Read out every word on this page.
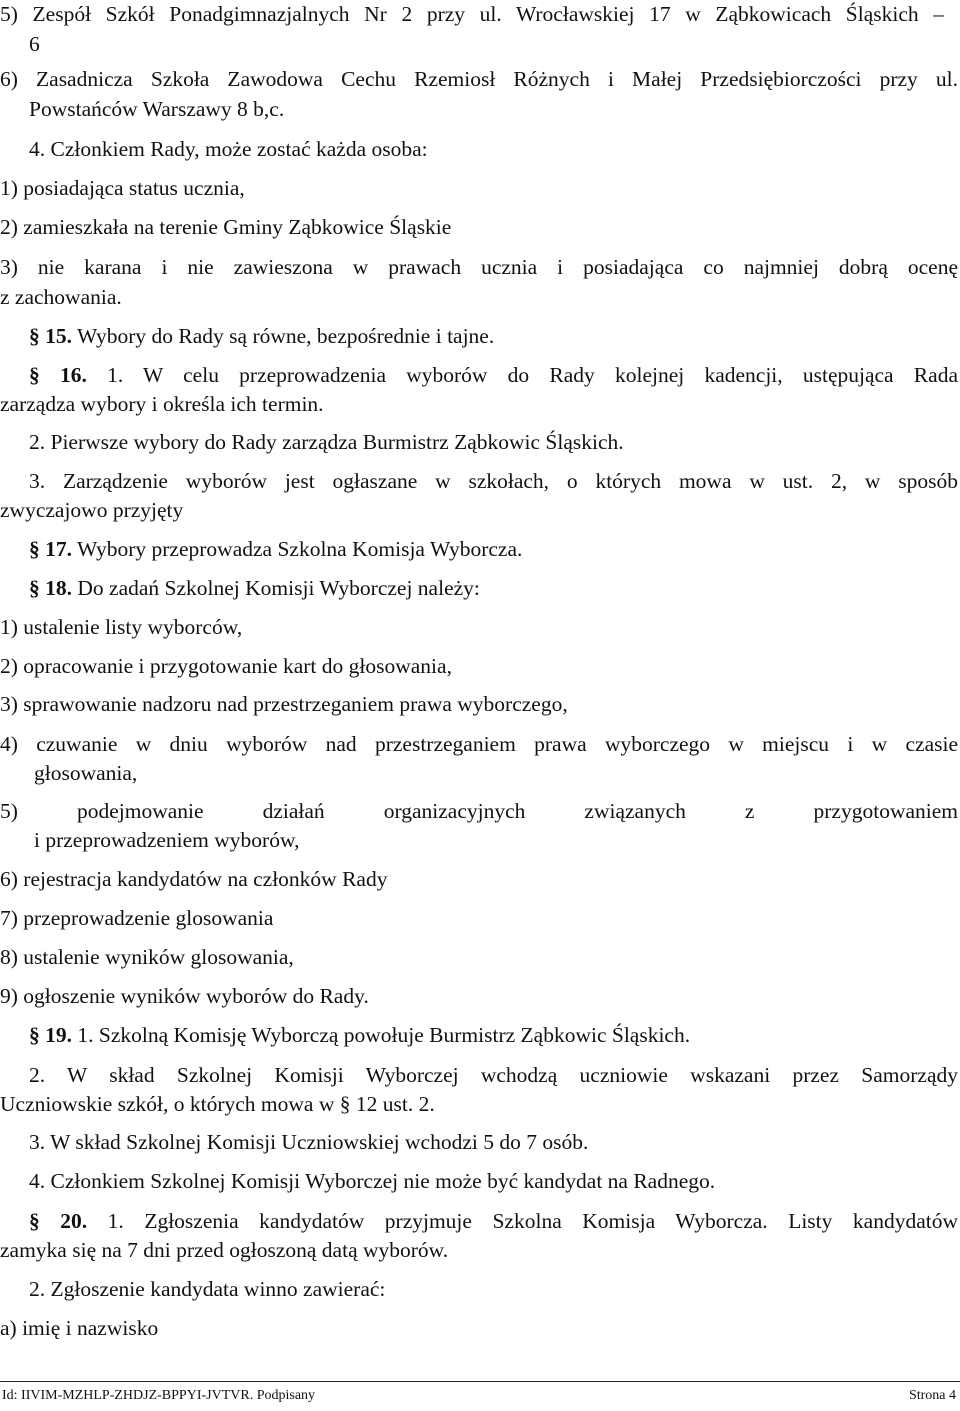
5) Zespół Szkół Ponadgimnazjalnych Nr 2 przy ul. Wrocławskiej 17 w Ząbkowicach Śląskich –
6
6) Zasadnicza Szkoła Zawodowa Cechu Rzemiosł Różnych i Małej Przedsiębiorczości przy ul.
Powstańców Warszawy 8 b,c.
4. Członkiem Rady, może zostać każda osoba:
1) posiadająca status ucznia,
2) zamieszkała na terenie Gminy Ząbkowice Śląskie
3) nie karana i nie zawieszona w prawach ucznia i posiadająca co najmniej dobrą ocenę
z zachowania.
§ 15. Wybory do Rady są równe, bezpośrednie i tajne.
§ 16. 1. W celu przeprowadzenia wyborów do Rady kolejnej kadencji, ustępująca Rada
zarządza wybory i określa ich termin.
2. Pierwsze wybory do Rady zarządza Burmistrz Ząbkowic Śląskich.
3. Zarządzenie wyborów jest ogłaszane w szkołach, o których mowa w ust. 2, w sposób
zwyczajowo przyjęty
§ 17. Wybory przeprowadza Szkolna Komisja Wyborcza.
§ 18. Do zadań Szkolnej Komisji Wyborczej należy:
1) ustalenie listy wyborców,
2) opracowanie i przygotowanie kart do głosowania,
3) sprawowanie nadzoru nad przestrzeganiem prawa wyborczego,
4) czuwanie w dniu wyborów nad przestrzeganiem prawa wyborczego w miejscu i w czasie
głosowania,
5) podejmowanie działań organizacyjnych związanych z przygotowaniem
i przeprowadzeniem wyborów,
6) rejestracja kandydatów na członków Rady
7) przeprowadzenie glosowania
8) ustalenie wyników glosowania,
9) ogłoszenie wyników wyborów do Rady.
§ 19. 1. Szkolną Komisję Wyborczą powołuje Burmistrz Ząbkowic Śląskich.
2. W skład Szkolnej Komisji Wyborczej wchodzą uczniowie wskazani przez Samorządy
Uczniowskie szkół, o których mowa w § 12 ust. 2.
3. W skład Szkolnej Komisji Uczniowskiej wchodzi 5 do 7 osób.
4. Członkiem Szkolnej Komisji Wyborczej nie może być kandydat na Radnego.
§ 20. 1. Zgłoszenia kandydatów przyjmuje Szkolna Komisja Wyborcza. Listy kandydatów
zamyka się na 7 dni przed ogłoszoną datą wyborów.
2. Zgłoszenie kandydata winno zawierać:
a) imię i nazwisko
Id: IIVIM-MZHLP-ZHDJZ-BPPYI-JVTVR. Podpisany	Strona 4
